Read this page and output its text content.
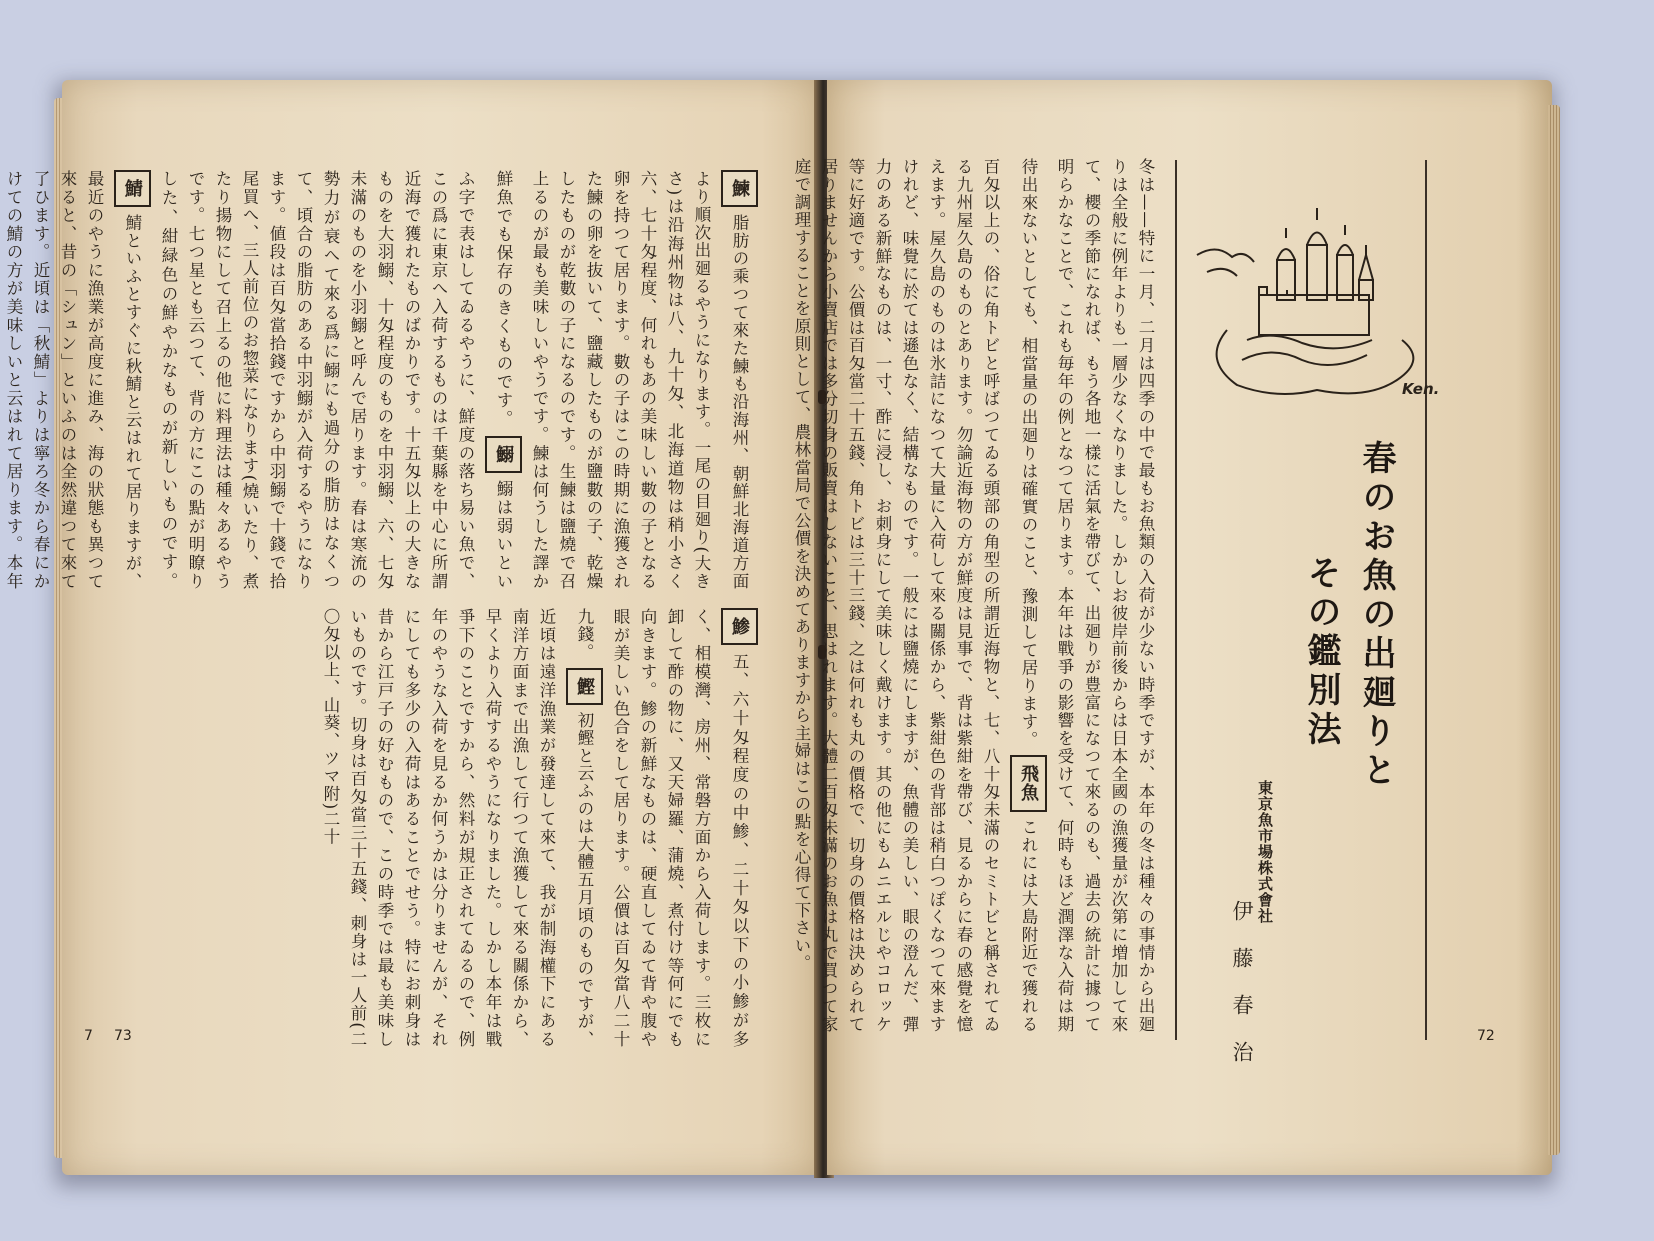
7 73
鰊 脂肪の乘つて來た鰊も沿海州、朝鮮北海道方面より順次出廻るやうになります。一尾の目廻り(大きさ)は沿海州物は八、九十匁、北海道物は稍小さく六、七十匁程度、何れもあの美味しい數の子となる卵を持つて居ります。數の子はこの時期に漁獲された鰊の卵を抜いて、鹽藏したものが鹽數の子、乾燥したものが乾數の子になるのです。生鰊は鹽燒で召上るのが最も美味しいやうです。鰊は何うした譯か鮮魚でも保存のきくものです。 鰯 鰯は弱いといふ字で表はしてゐるやうに、鮮度の落ち易い魚で、この爲に東京へ入荷するものは千葉縣を中心に所謂近海で獲れたものばかりです。十五匁以上の大きなものを大羽鰯、十匁程度のものを中羽鰯、六、七匁未滿のものを小羽鰯と呼んで居ります。春は寒流の勢力が衰へて來る爲に鰯にも過分の脂肪はなくつて、頃合の脂肪のある中羽鰯が入荷するやうになります。値段は百匁當拾錢ですから中羽鰯で十錢で拾尾買へ、三人前位のお惣菜になります(燒いたり、煮たり揚物にして召上るの他に料理法は種々あるやうです。七つ星とも云つて、背の方にこの點が明瞭りした、紺緑色の鮮やかなものが新しいものです。 鯖 鯖といふとすぐに秋鯖と云はれて居りますが、最近のやうに漁業が高度に進み、海の狀態も異つて來ると、昔の「シュン」といふのは全然違つて來て了ひます。近頃は「秋鯖」よりは寧ろ冬から春にかけての鯖の方が美味しいと云はれて居ります。本年
鯵 五、六十匁程度の中鯵、二十匁以下の小鯵が多く、相模灣、房州、常磐方面から入荷します。三枚に卸して酢の物に、又天婦羅、蒲燒、煮付け等何にでも向きます。鯵の新鮮なものは、硬直してゐて背や腹や眼が美しい色合をして居ります。公價は百匁當八二十九錢。 鰹 初鰹と云ふのは大體五月頃のものですが、近頃は遠洋漁業が發達して來て、我が制海權下にある南洋方面まで出漁して行つて漁獲して來る關係から、早くより入荷するやうになりました。しかし本年は戰爭下のことですから、然料が規正されてゐるので、例年のやうな入荷を見るか何うかは分りませんが、それにしても多少の入荷はあることでせう。特にお刺身は昔から江戸子の好むもので、この時季では最も美味しいものです。切身は百匁當三十五錢、刺身は一人前(二〇匁以上、山葵、ツマ附)二十	冬は——特に一月、二月は四季の中で最もお魚類の入荷が少ない時季ですが、本年の冬は種々の事情から出廻りは全般に例年よりも一層少なくなりました。しかしお彼岸前後からは日本全國の漁獲量が次第に増加して來て、櫻の季節になれば、もう各地一樣に活氣を帶びて、出廻りが豊富になつて來るのも、過去の統計に據つて明らかなことで、これも毎年の例となつて居ります。本年は戰爭の影響を受けて、何時もほど潤澤な入荷は期待出來ないとしても、相當量の出廻りは確實のこと、豫測して居ります。 飛魚 これには大島附近で獲れる百匁以上の、俗に角トビと呼ばつてゐる頭部の角型の所謂近海物と、七、八十匁未滿のセミトビと稱されてゐる九州屋久島のものとあります。勿論近海物の方が鮮度は見事で、背は紫紺を帶び、見るからに春の感覺を憶えます。屋久島のものは氷詰になつて大量に入荷して來る關係から、紫紺色の背部は稍白つぽくなつて來ますけれど、味覺に於ては遜色なく、結構なものです。一般には鹽燒にしますが、魚體の美しい、眼の澄んだ、彈力のある新鮮なものは、一寸、酢に浸し、お刺身にして美味しく戴けます。其の他にもムニエルじやコロッケ等に好適です。公價は百匁當二十五錢、角トビは三十三錢、之は何れも丸の價格で、切身の價格は決められて居りませんから小賣店では多分切身の販賣はしないこと、思はれます。大體二百匁未滿のお魚は丸で買つて家庭で調理することを原則として、農林當局で公價を決めてありますから主婦はこの點を心得て下さい。	Ken.
春のお魚の出廻りと
その鑑別法
東京魚市場株式會社
伊藤春治	72
